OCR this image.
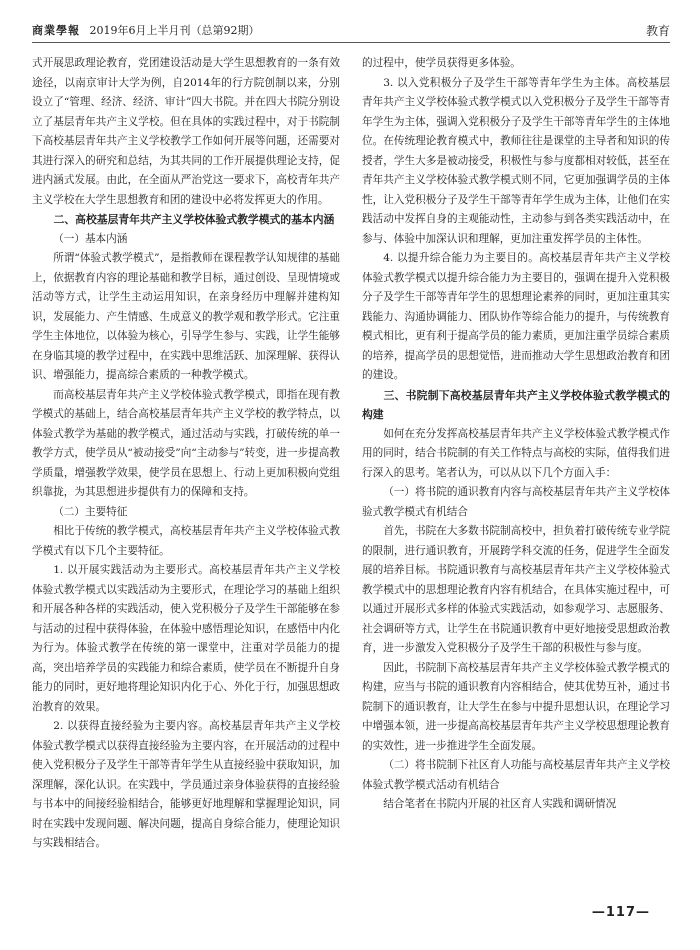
商業學報 2019年6月上半月刊（总第92期）	教育

式开展思政理论教育，党团建设活动是大学生思想教育的一条有效途径，以南京审计大学为例，自2014年的行方院创制以来，分别设立了“管理、经济、经济、审计”四大书院。并在四大书院分别设立了基层青年共产主义学校。但在具体的实践过程中，对于书院制下高校基层青年共产主义学校教学工作如何开展等问题，还需要对其进行深入的研究和总结，为其共同的工作开展提供理论支持，促进内涵式发展。由此，在全面从严治党这一要求下，高校青年共产主义学校在大学生思想教育和团的建设中必将发挥更大的作用。

二、高校基层青年共产主义学校体验式教学模式的基本内涵
（一）基本内涵

所谓“体验式教学模式”，是指教师在课程教学认知规律的基础上，依据教育内容的理论基础和教学目标，通过创设、呈现情境或活动等方式，让学生主动运用知识，在亲身经历中理解并建构知识，发展能力、产生情感、生成意义的教学观和教学形式。它注重学生主体地位，以体验为核心，引导学生参与、实践，让学生能够在身临其境的教学过程中，在实践中思维活跃、加深理解、获得认识、增强能力，提高综合素质的一种教学模式。

而高校基层青年共产主义学校体验式教学模式，即指在现有教学模式的基础上，结合高校基层青年共产主义学校的教学特点，以体验式教学为基础的教学模式，通过活动与实践，打破传统的单一教学方式，使学员从“被动接受”向“主动参与”转变，进一步提高教学质量，增强教学效果，使学员在思想上、行动上更加积极向党组织靠拢，为其思想进步提供有力的保障和支持。

（二）主要特征

相比于传统的教学模式，高校基层青年共产主义学校体验式教学模式有以下几个主要特征。

1. 以开展实践活动为主要形式。高校基层青年共产主义学校体验式教学模式以实践活动为主要形式，在理论学习的基础上组织和开展各种各样的实践活动，使入党积极分子及学生干部能够在参与活动的过程中获得体验，在体验中感悟理论知识，在感悟中内化为行为。体验式教学在传统的第一课堂中，注重对学员能力的提高，突出培养学员的实践能力和综合素质，使学员在不断提升自身能力的同时，更好地将理论知识内化于心、外化于行，加强思想政治教育的效果。

2. 以获得直接经验为主要内容。高校基层青年共产主义学校体验式教学模式以获得直接经验为主要内容，在开展活动的过程中使入党积极分子及学生干部等青年学生从直接经验中获取知识，加深理解，深化认识。在实践中，学员通过亲身体验获得的直接经验与书本中的间接经验相结合，能够更好地理解和掌握理论知识，同时在实践中发现问题、解决问题，提高自身综合能力，使理论知识与实践相结合。

的过程中，使学员获得更多体验。

3. 以入党积极分子及学生干部等青年学生为主体。高校基层青年共产主义学校体验式教学模式以入党积极分子及学生干部等青年学生为主体，强调入党积极分子及学生干部等青年学生的主体地位。在传统理论教育模式中，教师往往是课堂的主导者和知识的传授者，学生大多是被动接受，积极性与参与度都相对较低，甚至在青年共产主义学校体验式教学模式则不同，它更加强调学员的主体性，让入党积极分子及学生干部等青年学生成为主体，让他们在实践活动中发挥自身的主观能动性，主动参与到各类实践活动中，在参与、体验中加深认识和理解，更加注重发挥学员的主体性。

4. 以提升综合能力为主要目的。高校基层青年共产主义学校体验式教学模式以提升综合能力为主要目的，强调在提升入党积极分子及学生干部等青年学生的思想理论素养的同时，更加注重其实践能力、沟通协调能力、团队协作等综合能力的提升，与传统教育模式相比，更有利于提高学员的能力素质，更加注重学员综合素质的培养，提高学员的思想觉悟，进而推动大学生思想政治教育和团的建设。

三、书院制下高校基层青年共产主义学校体验式教学模式的构建

如何在充分发挥高校基层青年共产主义学校体验式教学模式作用的同时，结合书院制的有关工作特点与高校的实际，值得我们进行深入的思考。笔者认为，可以从以下几个方面入手：

（一）将书院的通识教育内容与高校基层青年共产主义学校体验式教学模式有机结合

首先，书院在大多数书院制高校中，担负着打破传统专业学院的限制，进行通识教育，开展跨学科交流的任务，促进学生全面发展的培养目标。书院通识教育与高校基层青年共产主义学校体验式教学模式中的思想理论教育内容有机结合，在具体实施过程中，可以通过开展形式多样的体验式实践活动，如参观学习、志愿服务、社会调研等方式，让学生在书院通识教育中更好地接受思想政治教育，进一步激发入党积极分子及学生干部的积极性与参与度。

因此，书院制下高校基层青年共产主义学校体验式教学模式的构建，应当与书院的通识教育内容相结合，使其优势互补，通过书院制下的通识教育，让大学生在参与中提升思想认识，在理论学习中增强本领，进一步提高高校基层青年共产主义学校思想理论教育的实效性，进一步推进学生全面发展。

（二）将书院制下社区育人功能与高校基层青年共产主义学校体验式教学模式活动有机结合

结合笔者在书院内开展的社区育人实践和调研情况

—117—
